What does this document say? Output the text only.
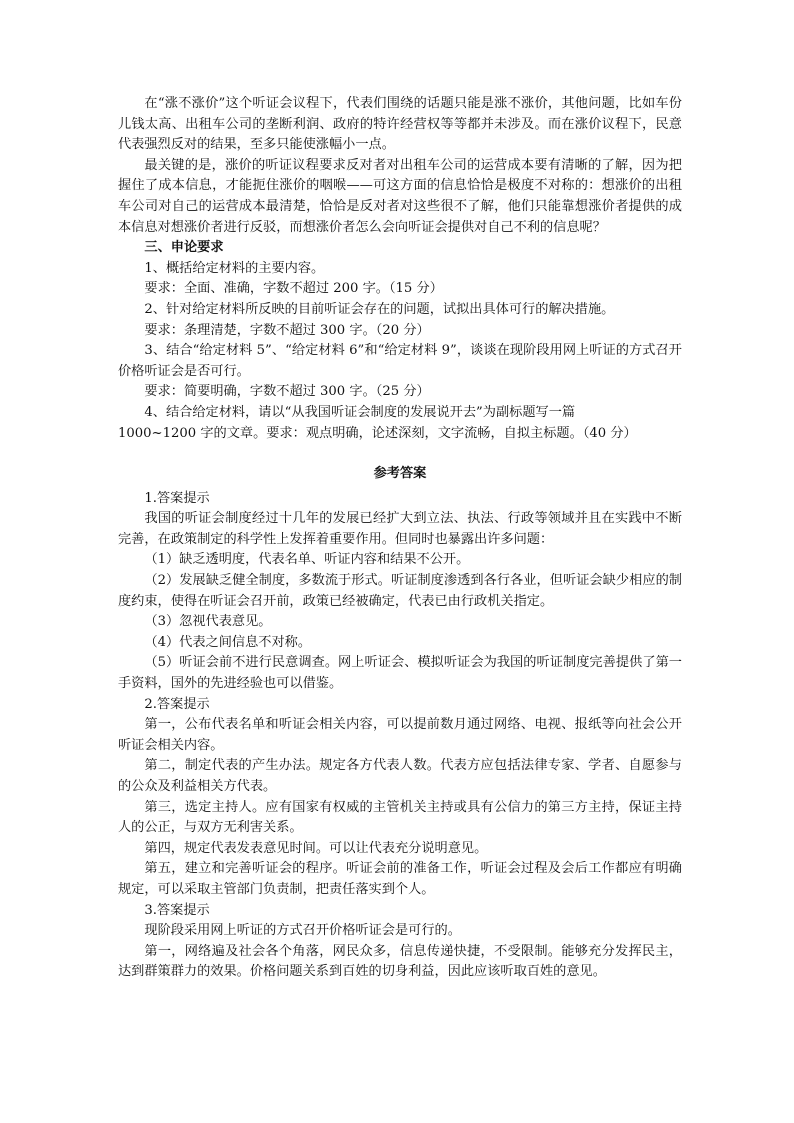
在“涨不涨价”这个听证会议程下，代表们围绕的话题只能是涨不涨价，其他问题，比如车份儿钱太高、出租车公司的垄断利润、政府的特许经营权等等都并未涉及。而在涨价议程下，民意代表强烈反对的结果，至多只能使涨幅小一点。

最关键的是，涨价的听证议程要求反对者对出租车公司的运营成本要有清晰的了解，因为把握住了成本信息，才能扼住涨价的咽喉——可这方面的信息恰恰是极度不对称的：想涨价的出租车公司对自己的运营成本最清楚，恰恰是反对者对这些很不了解，他们只能靠想涨价者提供的成本信息对想涨价者进行反驳，而想涨价者怎么会向听证会提供对自己不利的信息呢？

三、申论要求

1、概括给定材料的主要内容。

要求：全面、准确，字数不超过 200 字。（15 分）

2、针对给定材料所反映的目前听证会存在的问题，试拟出具体可行的解决措施。

要求：条理清楚，字数不超过 300 字。（20 分）

3、结合“给定材料 5”、“给定材料 6”和“给定材料 9”，谈谈在现阶段用网上听证的方式召开价格听证会是否可行。

要求：简要明确，字数不超过 300 字。（25 分）

4、结合给定材料，请以“从我国听证会制度的发展说开去”为副标题写一篇

1000~1200 字的文章。要求：观点明确，论述深刻，文字流畅，自拟主标题。（40 分）

参考答案

1.答案提示

我国的听证会制度经过十几年的发展已经扩大到立法、执法、行政等领域并且在实践中不断完善，在政策制定的科学性上发挥着重要作用。但同时也暴露出许多问题：

（1）缺乏透明度，代表名单、听证内容和结果不公开。

（2）发展缺乏健全制度，多数流于形式。听证制度渗透到各行各业，但听证会缺少相应的制度约束，使得在听证会召开前，政策已经被确定，代表已由行政机关指定。

（3）忽视代表意见。

（4）代表之间信息不对称。

（5）听证会前不进行民意调查。网上听证会、模拟听证会为我国的听证制度完善提供了第一手资料，国外的先进经验也可以借鉴。

2.答案提示

第一，公布代表名单和听证会相关内容，可以提前数月通过网络、电视、报纸等向社会公开听证会相关内容。

第二，制定代表的产生办法。规定各方代表人数。代表方应包括法律专家、学者、自愿参与的公众及利益相关方代表。

第三，选定主持人。应有国家有权威的主管机关主持或具有公信力的第三方主持，保证主持人的公正，与双方无利害关系。

第四，规定代表发表意见时间。可以让代表充分说明意见。

第五，建立和完善听证会的程序。听证会前的准备工作，听证会过程及会后工作都应有明确规定，可以采取主管部门负责制，把责任落实到个人。

3.答案提示

现阶段采用网上听证的方式召开价格听证会是可行的。

第一，网络遍及社会各个角落，网民众多，信息传递快捷，不受限制。能够充分发挥民主，达到群策群力的效果。价格问题关系到百姓的切身利益，因此应该听取百姓的意见。
